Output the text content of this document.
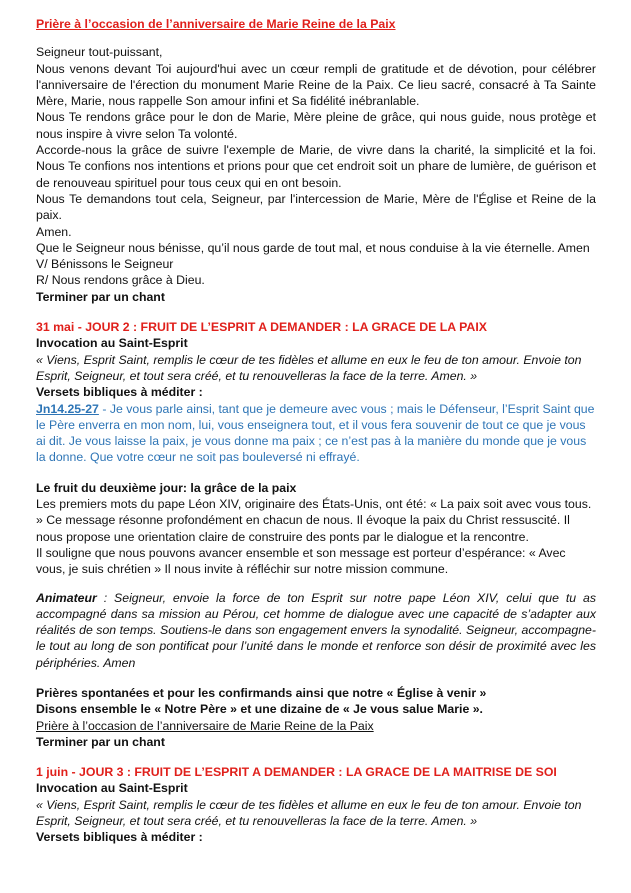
Prière à l’occasion de l’anniversaire de Marie Reine de la Paix

Seigneur tout-puissant,

Nous venons devant Toi aujourd'hui avec un cœur rempli de gratitude et de dévotion, pour célébrer l'anniversaire de l'érection du monument Marie Reine de la Paix. Ce lieu sacré, consacré à Ta Sainte Mère, Marie, nous rappelle Son amour infini et Sa fidélité inébranlable.

Nous Te rendons grâce pour le don de Marie, Mère pleine de grâce, qui nous guide, nous protège et nous inspire à vivre selon Ta volonté.

Accorde-nous la grâce de suivre l'exemple de Marie, de vivre dans la charité, la simplicité et la foi. Nous Te confions nos intentions et prions pour que cet endroit soit un phare de lumière, de guérison et de renouveau spirituel pour tous ceux qui en ont besoin.

Nous Te demandons tout cela, Seigneur, par l'intercession de Marie, Mère de l'Église et Reine de la paix.

Amen.

Que le Seigneur nous bénisse, qu’il nous garde de tout mal, et nous conduise à la vie éternelle. Amen

V/ Bénissons le Seigneur

R/ Nous rendons grâce à Dieu.

Terminer par un chant

31 mai - JOUR 2 : FRUIT DE L’ESPRIT A DEMANDER : LA GRACE DE LA PAIX

Invocation au Saint-Esprit

« Viens, Esprit Saint, remplis le cœur de tes fidèles et allume en eux le feu de ton amour. Envoie ton Esprit, Seigneur, et tout sera créé, et tu renouvelleras la face de la terre. Amen. »

Versets bibliques à méditer :

Jn14.25-27 - Je vous parle ainsi, tant que je demeure avec vous ; mais le Défenseur, l’Esprit Saint que le Père enverra en mon nom, lui, vous enseignera tout, et il vous fera souvenir de tout ce que je vous ai dit. Je vous laisse la paix, je vous donne ma paix ; ce n’est pas à la manière du monde que je vous la donne. Que votre cœur ne soit pas bouleversé ni effrayé.

Le fruit du deuxième jour: la grâce de la paix

Les premiers mots du pape Léon XIV, originaire des États-Unis, ont été: « La paix soit avec vous tous. » Ce message résonne profondément en chacun de nous. Il évoque la paix du Christ ressuscité. Il nous propose une orientation claire de construire des ponts par le dialogue et la rencontre.

Il souligne que nous pouvons avancer ensemble et son message est porteur d’espérance: « Avec vous, je suis chrétien » Il nous invite à réfléchir sur notre mission commune.

Animateur : Seigneur, envoie la force de ton Esprit sur notre pape Léon XIV, celui que tu as accompagné dans sa mission au Pérou, cet homme de dialogue avec une capacité de s’adapter aux réalités de son temps. Soutiens-le dans son engagement envers la synodalité. Seigneur, accompagne-le tout au long de son pontificat pour l’unité dans le monde et renforce son désir de proximité avec les périphéries. Amen

Prières spontanées et pour les confirmands ainsi que notre « Église à venir »

Disons ensemble le « Notre Père » et une dizaine de « Je vous salue Marie ».

Prière à l’occasion de l’anniversaire de Marie Reine de la Paix

Terminer par un chant

1 juin - JOUR 3 : FRUIT DE L’ESPRIT A DEMANDER : LA GRACE DE LA MAITRISE DE SOI

Invocation au Saint-Esprit

« Viens, Esprit Saint, remplis le cœur de tes fidèles et allume en eux le feu de ton amour. Envoie ton Esprit, Seigneur, et tout sera créé, et tu renouvelleras la face de la terre. Amen. »

Versets bibliques à méditer :
